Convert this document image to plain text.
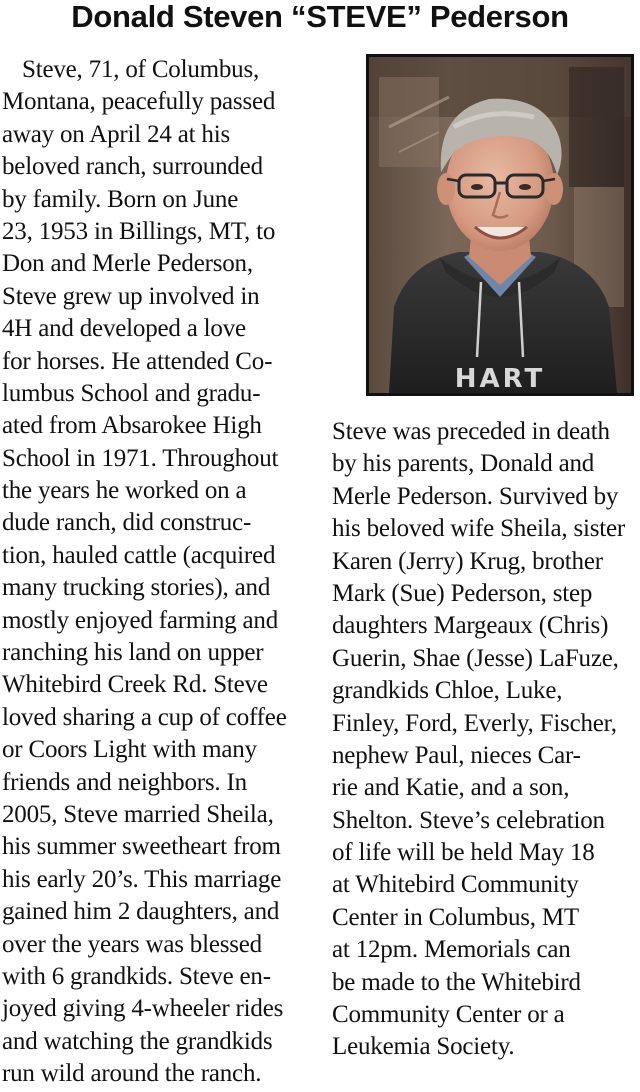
Donald Steven “STEVE” Pederson
Steve, 71, of Columbus,
Montana, peacefully passed
away on April 24 at his
beloved ranch, surrounded
by family. Born on June
23, 1953 in Billings, MT, to
Don and Merle Pederson,
Steve grew up involved in
4H and developed a love
for horses. He attended Co-
lumbus School and gradu-
ated from Absarokee High
School in 1971. Throughout
the years he worked on a
dude ranch, did construc-
tion, hauled cattle (acquired
many trucking stories), and
mostly enjoyed farming and
ranching his land on upper
Whitebird Creek Rd. Steve
loved sharing a cup of coffee
or Coors Light with many
friends and neighbors. In
2005, Steve married Sheila,
his summer sweetheart from
his early 20’s. This marriage
gained him 2 daughters, and
over the years was blessed
with 6 grandkids. Steve en-
joyed giving 4-wheeler rides
and watching the grandkids
run wild around the ranch.
HART
Steve was preceded in death
by his parents, Donald and
Merle Pederson. Survived by
his beloved wife Sheila, sister
Karen (Jerry) Krug, brother
Mark (Sue) Pederson, step
daughters Margeaux (Chris)
Guerin, Shae (Jesse) LaFuze,
grandkids Chloe, Luke,
Finley, Ford, Everly, Fischer,
nephew Paul, nieces Car-
rie and Katie, and a son,
Shelton. Steve’s celebration
of life will be held May 18
at Whitebird Community
Center in Columbus, MT
at 12pm. Memorials can
be made to the Whitebird
Community Center or a
Leukemia Society.
